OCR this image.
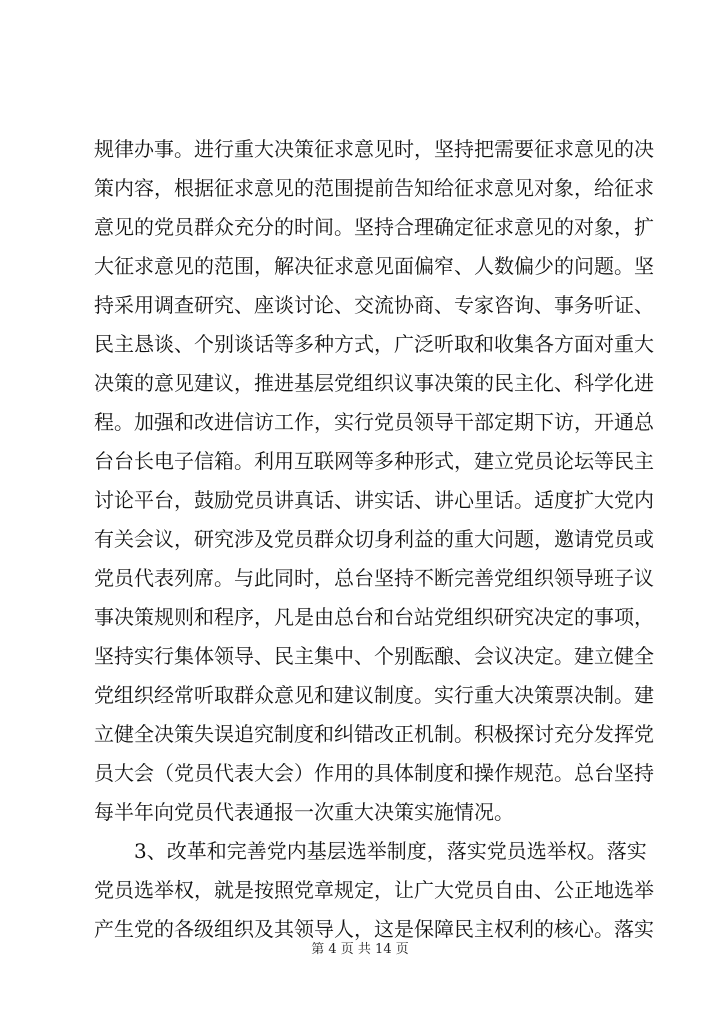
规律办事。进行重大决策征求意见时，坚持把需要征求意见的决
策内容，根据征求意见的范围提前告知给征求意见对象，给征求
意见的党员群众充分的时间。坚持合理确定征求意见的对象，扩
大征求意见的范围，解决征求意见面偏窄、人数偏少的问题。坚
持采用调查研究、座谈讨论、交流协商、专家咨询、事务听证、
民主恳谈、个别谈话等多种方式，广泛听取和收集各方面对重大
决策的意见建议，推进基层党组织议事决策的民主化、科学化进
程。加强和改进信访工作，实行党员领导干部定期下访，开通总
台台长电子信箱。利用互联网等多种形式，建立党员论坛等民主
讨论平台，鼓励党员讲真话、讲实话、讲心里话。适度扩大党内
有关会议，研究涉及党员群众切身利益的重大问题，邀请党员或
党员代表列席。与此同时，总台坚持不断完善党组织领导班子议
事决策规则和程序，凡是由总台和台站党组织研究决定的事项，
坚持实行集体领导、民主集中、个别酝酿、会议决定。建立健全
党组织经常听取群众意见和建议制度。实行重大决策票决制。建
立健全决策失误追究制度和纠错改正机制。积极探讨充分发挥党
员大会（党员代表大会）作用的具体制度和操作规范。总台坚持
每半年向党员代表通报一次重大决策实施情况。
3、改革和完善党内基层选举制度，落实党员选举权。落实
党员选举权，就是按照党章规定，让广大党员自由、公正地选举
产生党的各级组织及其领导人，这是保障民主权利的核心。落实
第 4 页 共 14 页
